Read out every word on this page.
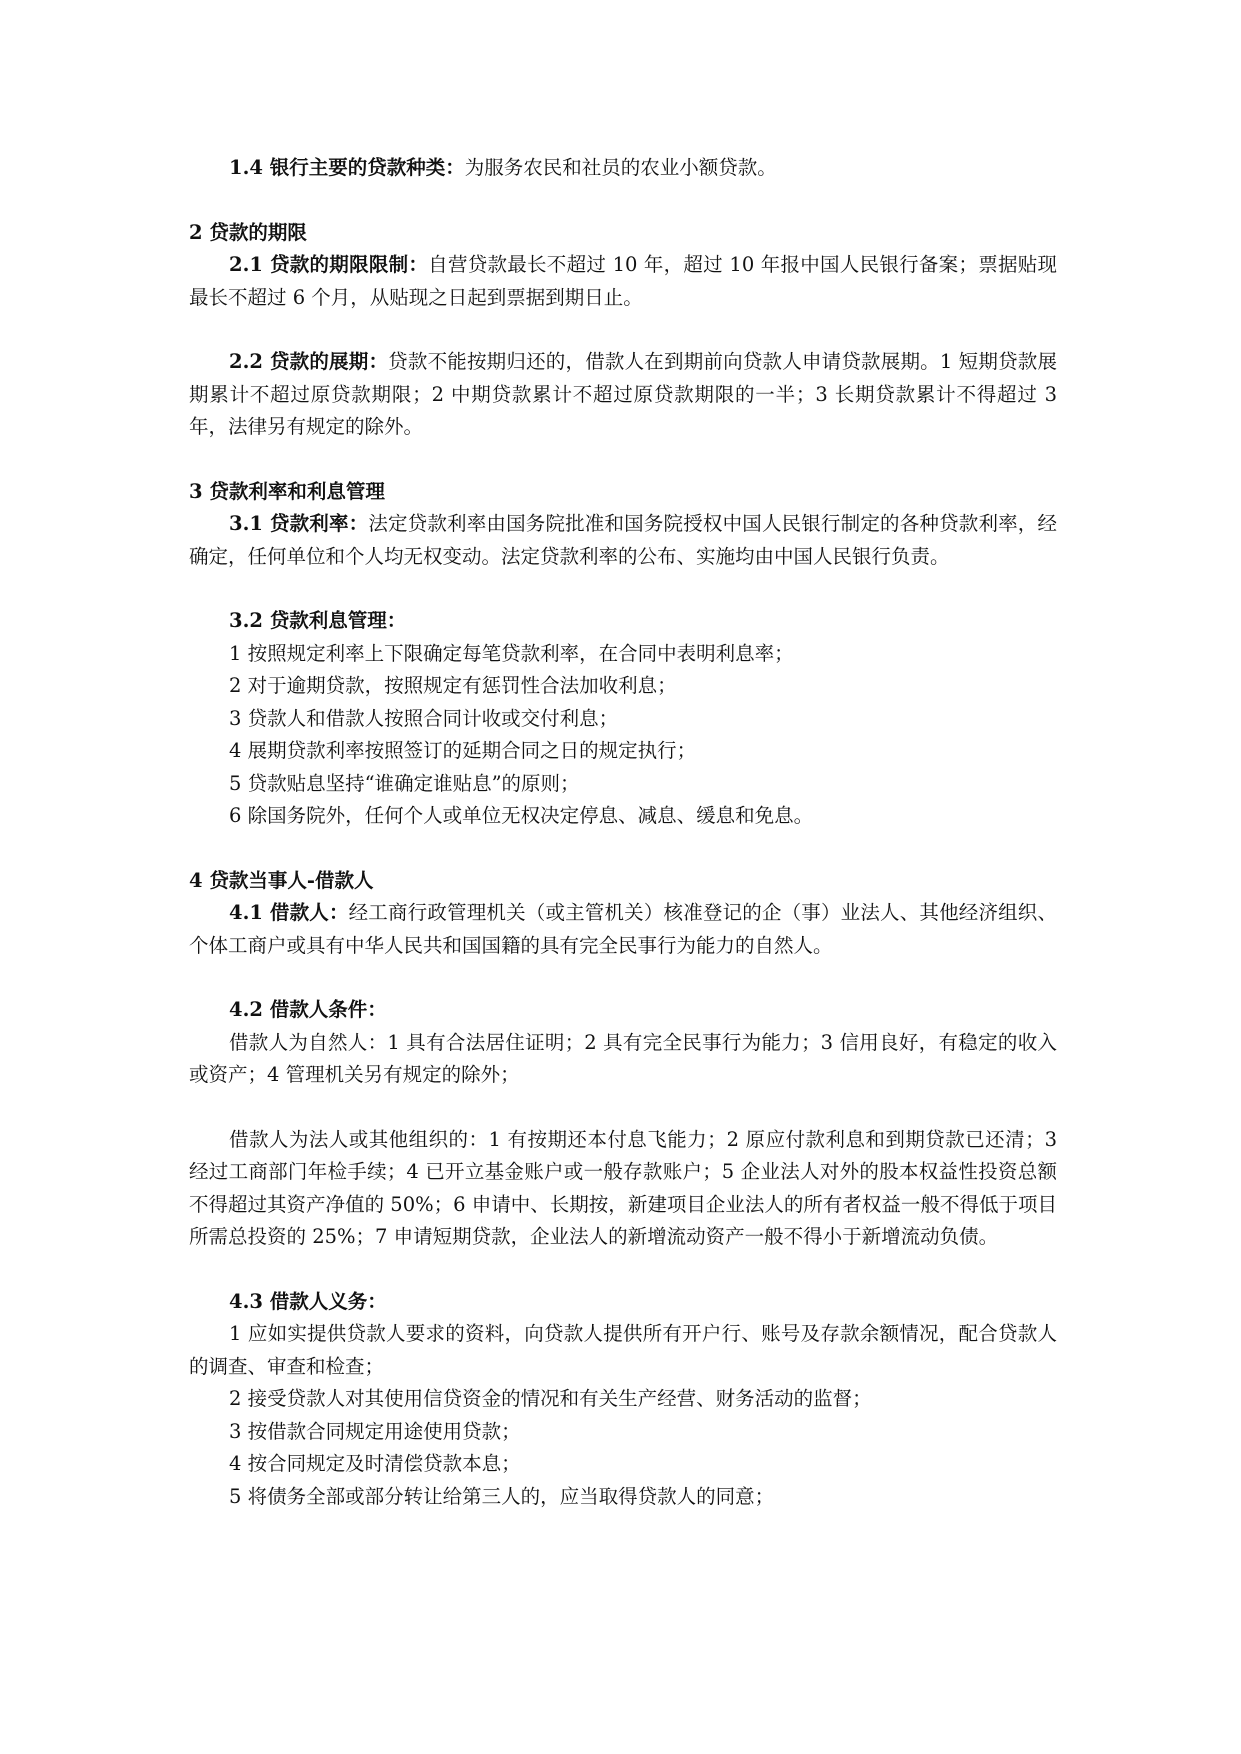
1.4 银行主要的贷款种类：为服务农民和社员的农业小额贷款。

2 贷款的期限

2.1 贷款的期限限制：自营贷款最长不超过 10 年，超过 10 年报中国人民银行备案；票据贴现最长不超过 6 个月，从贴现之日起到票据到期日止。

2.2 贷款的展期：贷款不能按期归还的，借款人在到期前向贷款人申请贷款展期。1 短期贷款展期累计不超过原贷款期限；2 中期贷款累计不超过原贷款期限的一半；3 长期贷款累计不得超过 3 年，法律另有规定的除外。

3 贷款利率和利息管理

3.1 贷款利率：法定贷款利率由国务院批准和国务院授权中国人民银行制定的各种贷款利率，经确定，任何单位和个人均无权变动。法定贷款利率的公布、实施均由中国人民银行负责。

3.2 贷款利息管理：

1 按照规定利率上下限确定每笔贷款利率，在合同中表明利息率；

2 对于逾期贷款，按照规定有惩罚性合法加收利息；

3 贷款人和借款人按照合同计收或交付利息；

4 展期贷款利率按照签订的延期合同之日的规定执行；

5 贷款贴息坚持“谁确定谁贴息”的原则；

6 除国务院外，任何个人或单位无权决定停息、减息、缓息和免息。

4 贷款当事人-借款人

4.1 借款人：经工商行政管理机关（或主管机关）核准登记的企（事）业法人、其他经济组织、个体工商户或具有中华人民共和国国籍的具有完全民事行为能力的自然人。

4.2 借款人条件：

借款人为自然人：1 具有合法居住证明；2 具有完全民事行为能力；3 信用良好，有稳定的收入或资产；4 管理机关另有规定的除外；

借款人为法人或其他组织的：1 有按期还本付息飞能力；2 原应付款利息和到期贷款已还清；3 经过工商部门年检手续；4 已开立基金账户或一般存款账户；5 企业法人对外的股本权益性投资总额不得超过其资产净值的 50%；6 申请中、长期按，新建项目企业法人的所有者权益一般不得低于项目所需总投资的 25%；7 申请短期贷款，企业法人的新增流动资产一般不得小于新增流动负债。

4.3 借款人义务：

1 应如实提供贷款人要求的资料，向贷款人提供所有开户行、账号及存款余额情况，配合贷款人的调查、审查和检查；

2 接受贷款人对其使用信贷资金的情况和有关生产经营、财务活动的监督；

3 按借款合同规定用途使用贷款；

4 按合同规定及时清偿贷款本息；

5 将债务全部或部分转让给第三人的，应当取得贷款人的同意；
